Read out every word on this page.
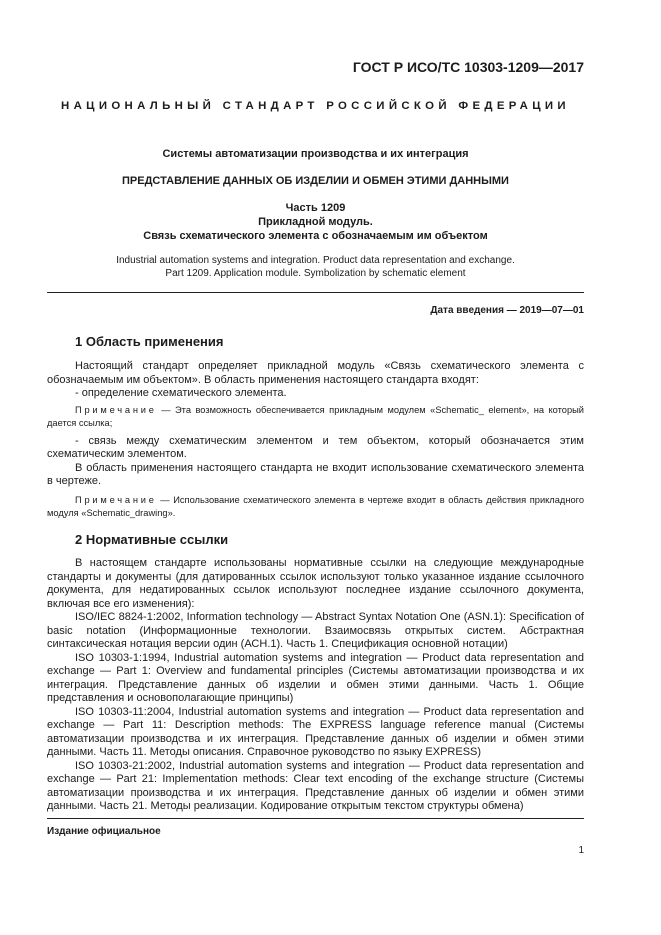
ГОСТ Р ИСО/ТС 10303-1209—2017
НАЦИОНАЛЬНЫЙ СТАНДАРТ РОССИЙСКОЙ ФЕДЕРАЦИИ
Системы автоматизации производства и их интеграция
ПРЕДСТАВЛЕНИЕ ДАННЫХ ОБ ИЗДЕЛИИ И ОБМЕН ЭТИМИ ДАННЫМИ
Часть 1209
Прикладной модуль.
Связь схематического элемента с обозначаемым им объектом
Industrial automation systems and integration. Product data representation and exchange.
Part 1209. Application module. Symbolization by schematic element
Дата введения — 2019—07—01
1 Область применения

Настоящий стандарт определяет прикладной модуль «Связь схематического элемента с обозначаемым им объектом». В область применения настоящего стандарта входят:

- определение схематического элемента.

Примечание — Эта возможность обеспечивается прикладным модулем «Schematic_ element», на который дается ссылка;

- связь между схематическим элементом и тем объектом, который обозначается этим схематическим элементом.

В область применения настоящего стандарта не входит использование схематического элемента в чертеже.

Примечание — Использование схематического элемента в чертеже входит в область действия прикладного модуля «Schematic_drawing».

2 Нормативные ссылки

В настоящем стандарте использованы нормативные ссылки на следующие международные стандарты и документы (для датированных ссылок используют только указанное издание ссылочного документа, для недатированных ссылок используют последнее издание ссылочного документа, включая все его изменения):

ISO/IEC 8824-1:2002, Information technology — Abstract Syntax Notation One (ASN.1): Specification of basic notation (Информационные технологии. Взаимосвязь открытых систем. Абстрактная синтаксическая нотация версии один (АСН.1). Часть 1. Спецификация основной нотации)

ISO 10303-1:1994, Industrial automation systems and integration — Product data representation and exchange — Part 1: Overview and fundamental principles (Системы автоматизации производства и их интеграция. Представление данных об изделии и обмен этими данными. Часть 1. Общие представления и основополагающие принципы)

ISO 10303-11:2004, Industrial automation systems and integration — Product data representation and exchange — Part 11: Description methods: The EXPRESS language reference manual (Системы автоматизации производства и их интеграция. Представление данных об изделии и обмен этими данными. Часть 11. Методы описания. Справочное руководство по языку EXPRESS)

ISO 10303-21:2002, Industrial automation systems and integration — Product data representation and exchange — Part 21: Implementation methods: Clear text encoding of the exchange structure (Системы автоматизации производства и их интеграция. Представление данных об изделии и обмен этими данными. Часть 21. Методы реализации. Кодирование открытым текстом структуры обмена)

Издание официальное
1
